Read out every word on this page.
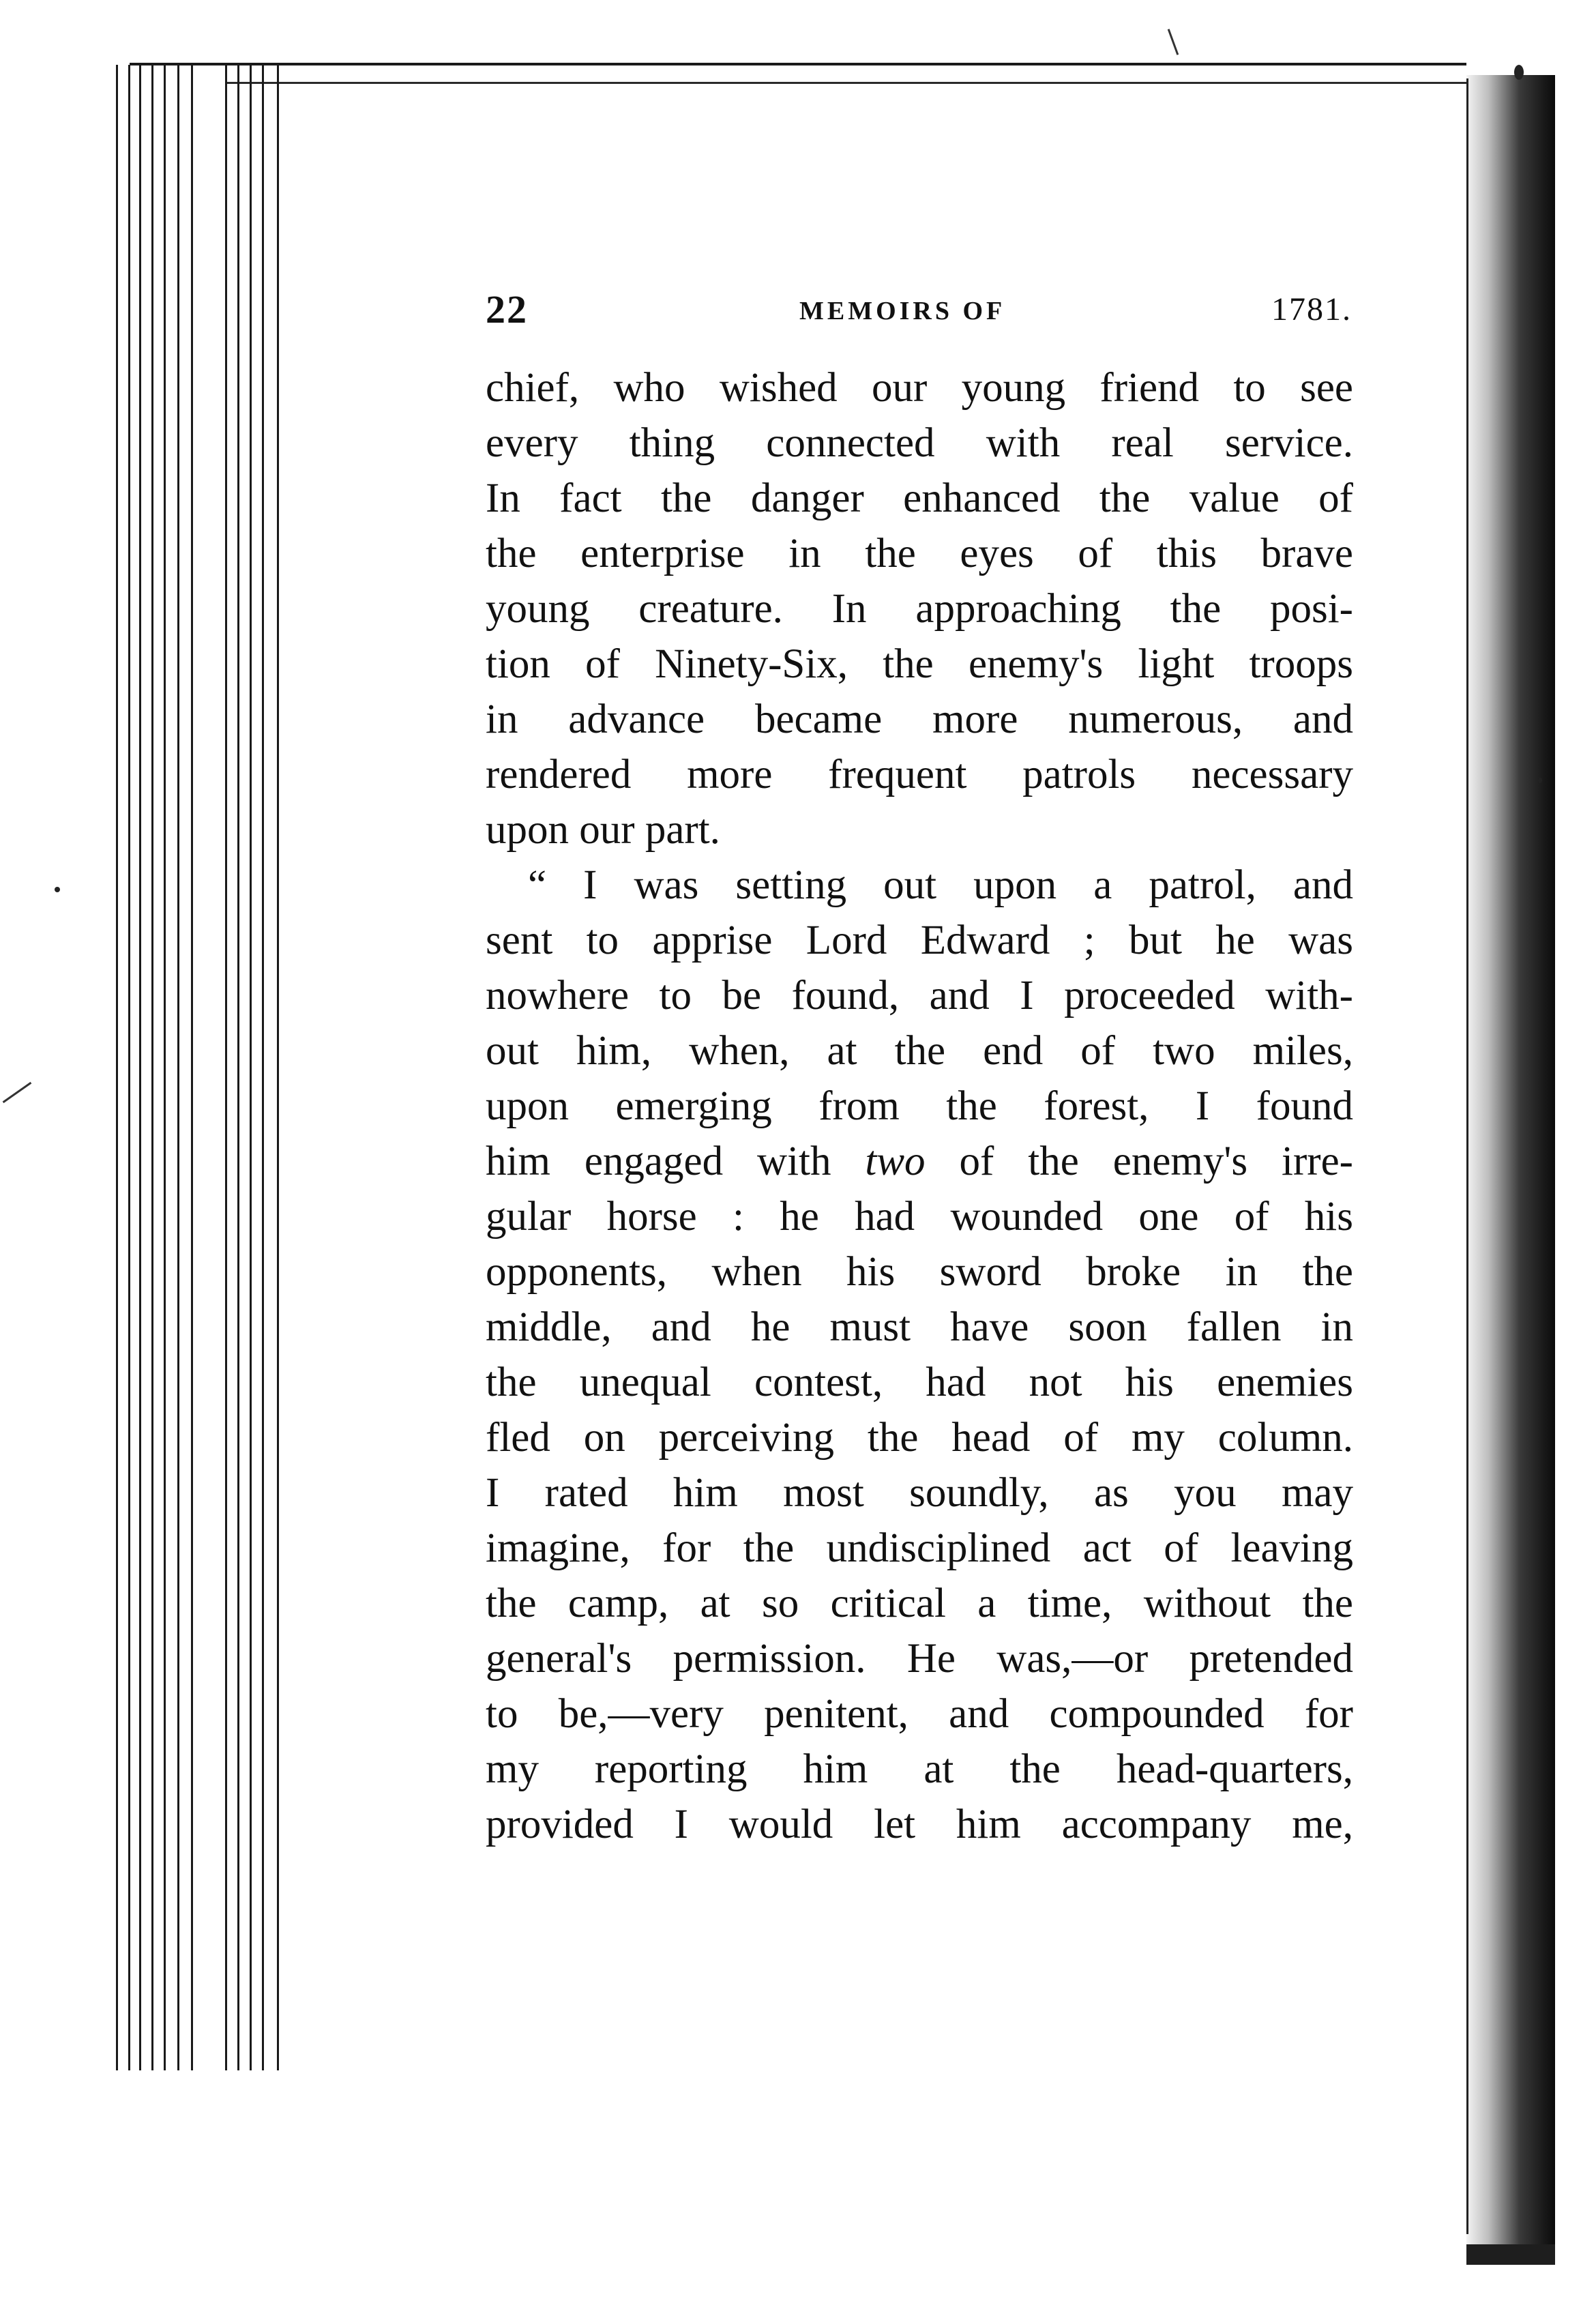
22	MEMOIRS OF	1781.
chief, who wished our young friend to see
every thing connected with real service.
In fact the danger enhanced the value of
the enterprise in the eyes of this brave
young creature. In approaching the posi-
tion of Ninety-Six, the enemy's light troops
in advance became more numerous, and
rendered more frequent patrols necessary
upon our part.
“ I was setting out upon a patrol, and
sent to apprise Lord Edward ; but he was
nowhere to be found, and I proceeded with-
out him, when, at the end of two miles,
upon emerging from the forest, I found
him engaged with two of the enemy's irre-
gular horse : he had wounded one of his
opponents, when his sword broke in the
middle, and he must have soon fallen in
the unequal contest, had not his enemies
fled on perceiving the head of my column.
I rated him most soundly, as you may
imagine, for the undisciplined act of leaving
the camp, at so critical a time, without the
general's permission. He was,—or pretended
to be,—very penitent, and compounded for
my reporting him at the head-quarters,
provided I would let him accompany me,
